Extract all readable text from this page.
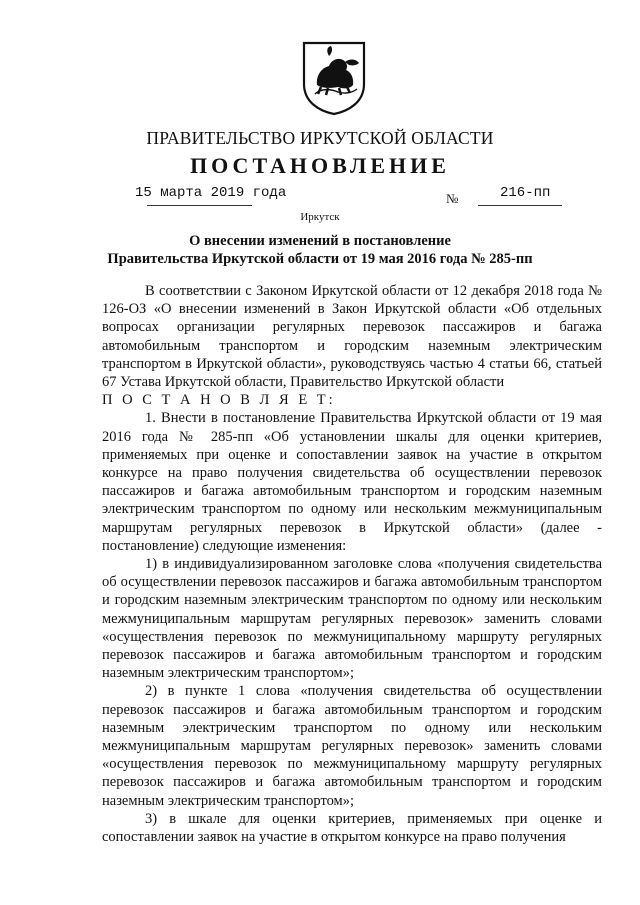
ПРАВИТЕЛЬСТВО ИРКУТСКОЙ ОБЛАСТИ
ПОСТАНОВЛЕНИЕ
15 марта 2019 года	№	216-пп
Иркутск
О внесении изменений в постановление
Правительства Иркутской области от 19 мая 2016 года № 285-пп

В соответствии с Законом Иркутской области от 12 декабря 2018 года № 126-ОЗ «О внесении изменений в Закон Иркутской области «Об отдельных вопросах организации регулярных перевозок пассажиров и багажа автомобильным транспортом и городским наземным электрическим транспортом в Иркутской области», руководствуясь частью 4 статьи 66, статьей 67 Устава Иркутской области, Правительство Иркутской области

П О С Т А Н О В Л Я Е Т:

1. Внести в постановление Правительства Иркутской области от 19 мая 2016 года № 285-пп «Об установлении шкалы для оценки критериев, применяемых при оценке и сопоставлении заявок на участие в открытом конкурсе на право получения свидетельства об осуществлении перевозок пассажиров и багажа автомобильным транспортом и городским наземным электрическим транспортом по одному или нескольким межмуниципальным маршрутам регулярных перевозок в Иркутской области» (далее - постановление) следующие изменения:

1) в индивидуализированном заголовке слова «получения свидетельства об осуществлении перевозок пассажиров и багажа автомобильным транспортом и городским наземным электрическим транспортом по одному или нескольким межмуниципальным маршрутам регулярных перевозок» заменить словами «осуществления перевозок по межмуниципальному маршруту регулярных перевозок пассажиров и багажа автомобильным транспортом и городским наземным электрическим транспортом»;

2) в пункте 1 слова «получения свидетельства об осуществлении перевозок пассажиров и багажа автомобильным транспортом и городским наземным электрическим транспортом по одному или нескольким межмуниципальным маршрутам регулярных перевозок» заменить словами «осуществления перевозок по межмуниципальному маршруту регулярных перевозок пассажиров и багажа автомобильным транспортом и городским наземным электрическим транспортом»;

3) в шкале для оценки критериев, применяемых при оценке и сопоставлении заявок на участие в открытом конкурсе на право получения
